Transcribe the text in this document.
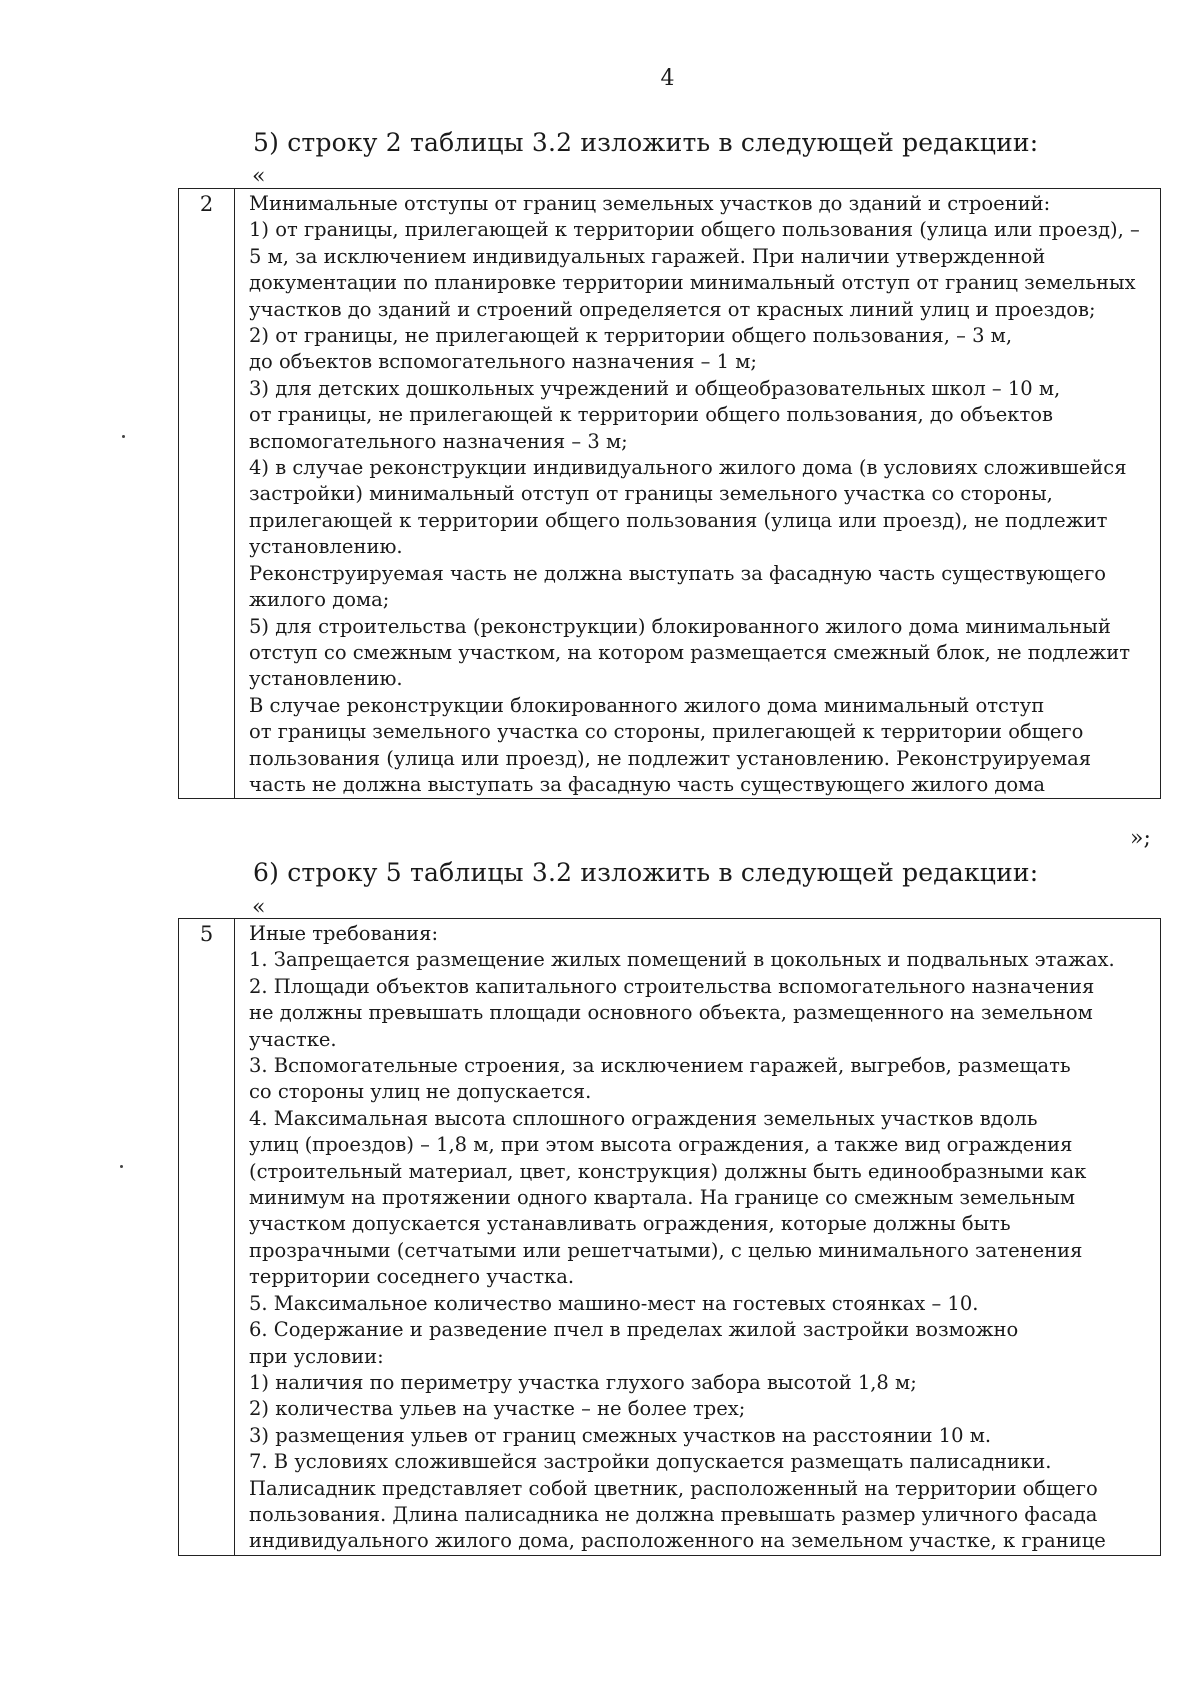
4
5) строку 2 таблицы 3.2 изложить в следующей редакции:
«
2	Минимальные отступы от границ земельных участков до зданий и строений:
1) от границы, прилегающей к территории общего пользования (улица или проезд), –
5 м, за исключением индивидуальных гаражей. При наличии утвержденной
документации по планировке территории минимальный отступ от границ земельных
участков до зданий и строений определяется от красных линий улиц и проездов;
2) от границы, не прилегающей к территории общего пользования, – 3 м,
до объектов вспомогательного назначения – 1 м;
3) для детских дошкольных учреждений и общеобразовательных школ – 10 м,
от границы, не прилегающей к территории общего пользования, до объектов
вспомогательного назначения – 3 м;
4) в случае реконструкции индивидуального жилого дома (в условиях сложившейся
застройки) минимальный отступ от границы земельного участка со стороны,
прилегающей к территории общего пользования (улица или проезд), не подлежит
установлению.
Реконструируемая часть не должна выступать за фасадную часть существующего
жилого дома;
5) для строительства (реконструкции) блокированного жилого дома минимальный
отступ со смежным участком, на котором размещается смежный блок, не подлежит
установлению.
В случае реконструкции блокированного жилого дома минимальный отступ
от границы земельного участка со стороны, прилегающей к территории общего
пользования (улица или проезд), не подлежит установлению. Реконструируемая
часть не должна выступать за фасадную часть существующего жилого дома
»;
6) строку 5 таблицы 3.2 изложить в следующей редакции:
«
5	Иные требования:
1. Запрещается размещение жилых помещений в цокольных и подвальных этажах.
2. Площади объектов капитального строительства вспомогательного назначения
не должны превышать площади основного объекта, размещенного на земельном
участке.
3. Вспомогательные строения, за исключением гаражей, выгребов, размещать
со стороны улиц не допускается.
4. Максимальная высота сплошного ограждения земельных участков вдоль
улиц (проездов) – 1,8 м, при этом высота ограждения, а также вид ограждения
(строительный материал, цвет, конструкция) должны быть единообразными как
минимум на протяжении одного квартала. На границе со смежным земельным
участком допускается устанавливать ограждения, которые должны быть
прозрачными (сетчатыми или решетчатыми), с целью минимального затенения
территории соседнего участка.
5. Максимальное количество машино-мест на гостевых стоянках – 10.
6. Содержание и разведение пчел в пределах жилой застройки возможно
при условии:
1) наличия по периметру участка глухого забора высотой 1,8 м;
2) количества ульев на участке – не более трех;
3) размещения ульев от границ смежных участков на расстоянии 10 м.
7. В условиях сложившейся застройки допускается размещать палисадники.
Палисадник представляет собой цветник, расположенный на территории общего
пользования. Длина палисадника не должна превышать размер уличного фасада
индивидуального жилого дома, расположенного на земельном участке, к границе
